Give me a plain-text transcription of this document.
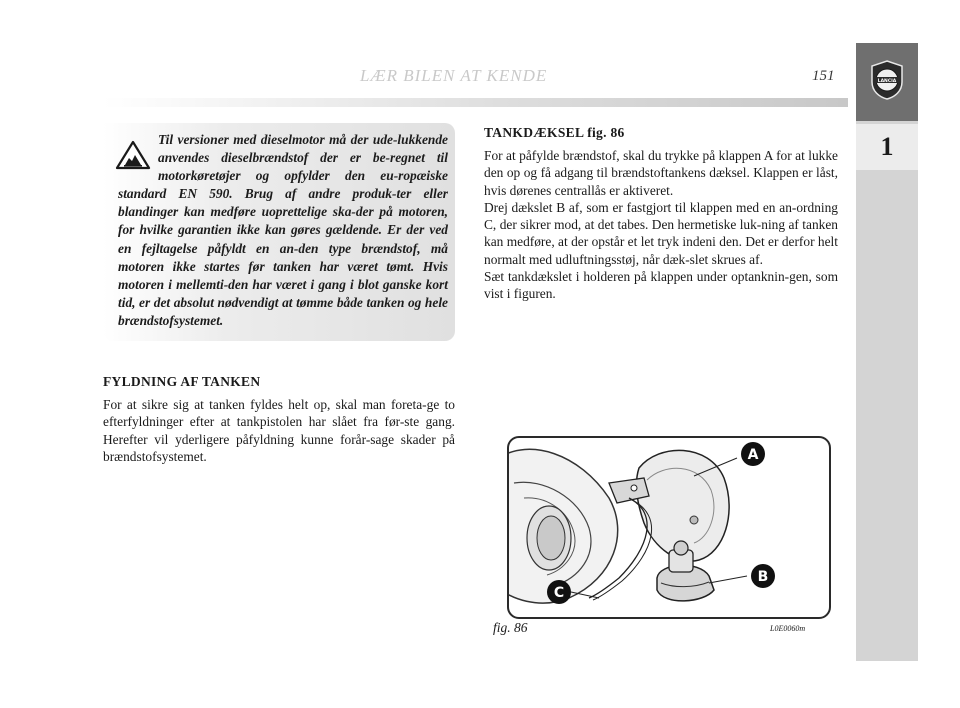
LÆR BILEN AT KENDE	151	LANCIA
1

Til versioner med dieselmotor må der ude-lukkende anvendes dieselbrændstof der er be-regnet til motorkøretøjer og opfylder den eu-ropæiske standard EN 590. Brug af andre produk-ter eller blandinger kan medføre uoprettelige ska-der på motoren, for hvilke garantien ikke kan gøres gældende. Er der ved en fejltagelse påfyldt en an-den type brændstof, må motoren ikke startes før tanken har været tømt. Hvis motoren i mellemti-den har været i gang i blot ganske kort tid, er det absolut nødvendigt at tømme både tanken og hele brændstofsystemet.

FYLDNING AF TANKEN

For at sikre sig at tanken fyldes helt op, skal man foreta-ge to efterfyldninger efter at tankpistolen har slået fra før-ste gang. Herefter vil yderligere påfyldning kunne forår-sage skader på brændstofsystemet.

TANKDÆKSEL fig. 86

For at påfylde brændstof, skal du trykke på klappen A for at lukke den op og få adgang til brændstoftankens dæksel. Klappen er låst, hvis dørenes centrallås er aktiveret.

Drej dækslet B af, som er fastgjort til klappen med en an-ordning C, der sikrer mod, at det tabes. Den hermetiske luk-ning af tanken kan medføre, at der opstår et let tryk indeni den. Det er derfor helt normalt med udluftningsstøj, når dæk-slet skrues af.

Sæt tankdækslet i holderen på klappen under optanknin-gen, som vist i figuren.

A
B
C
fig. 86	L0E0060m
